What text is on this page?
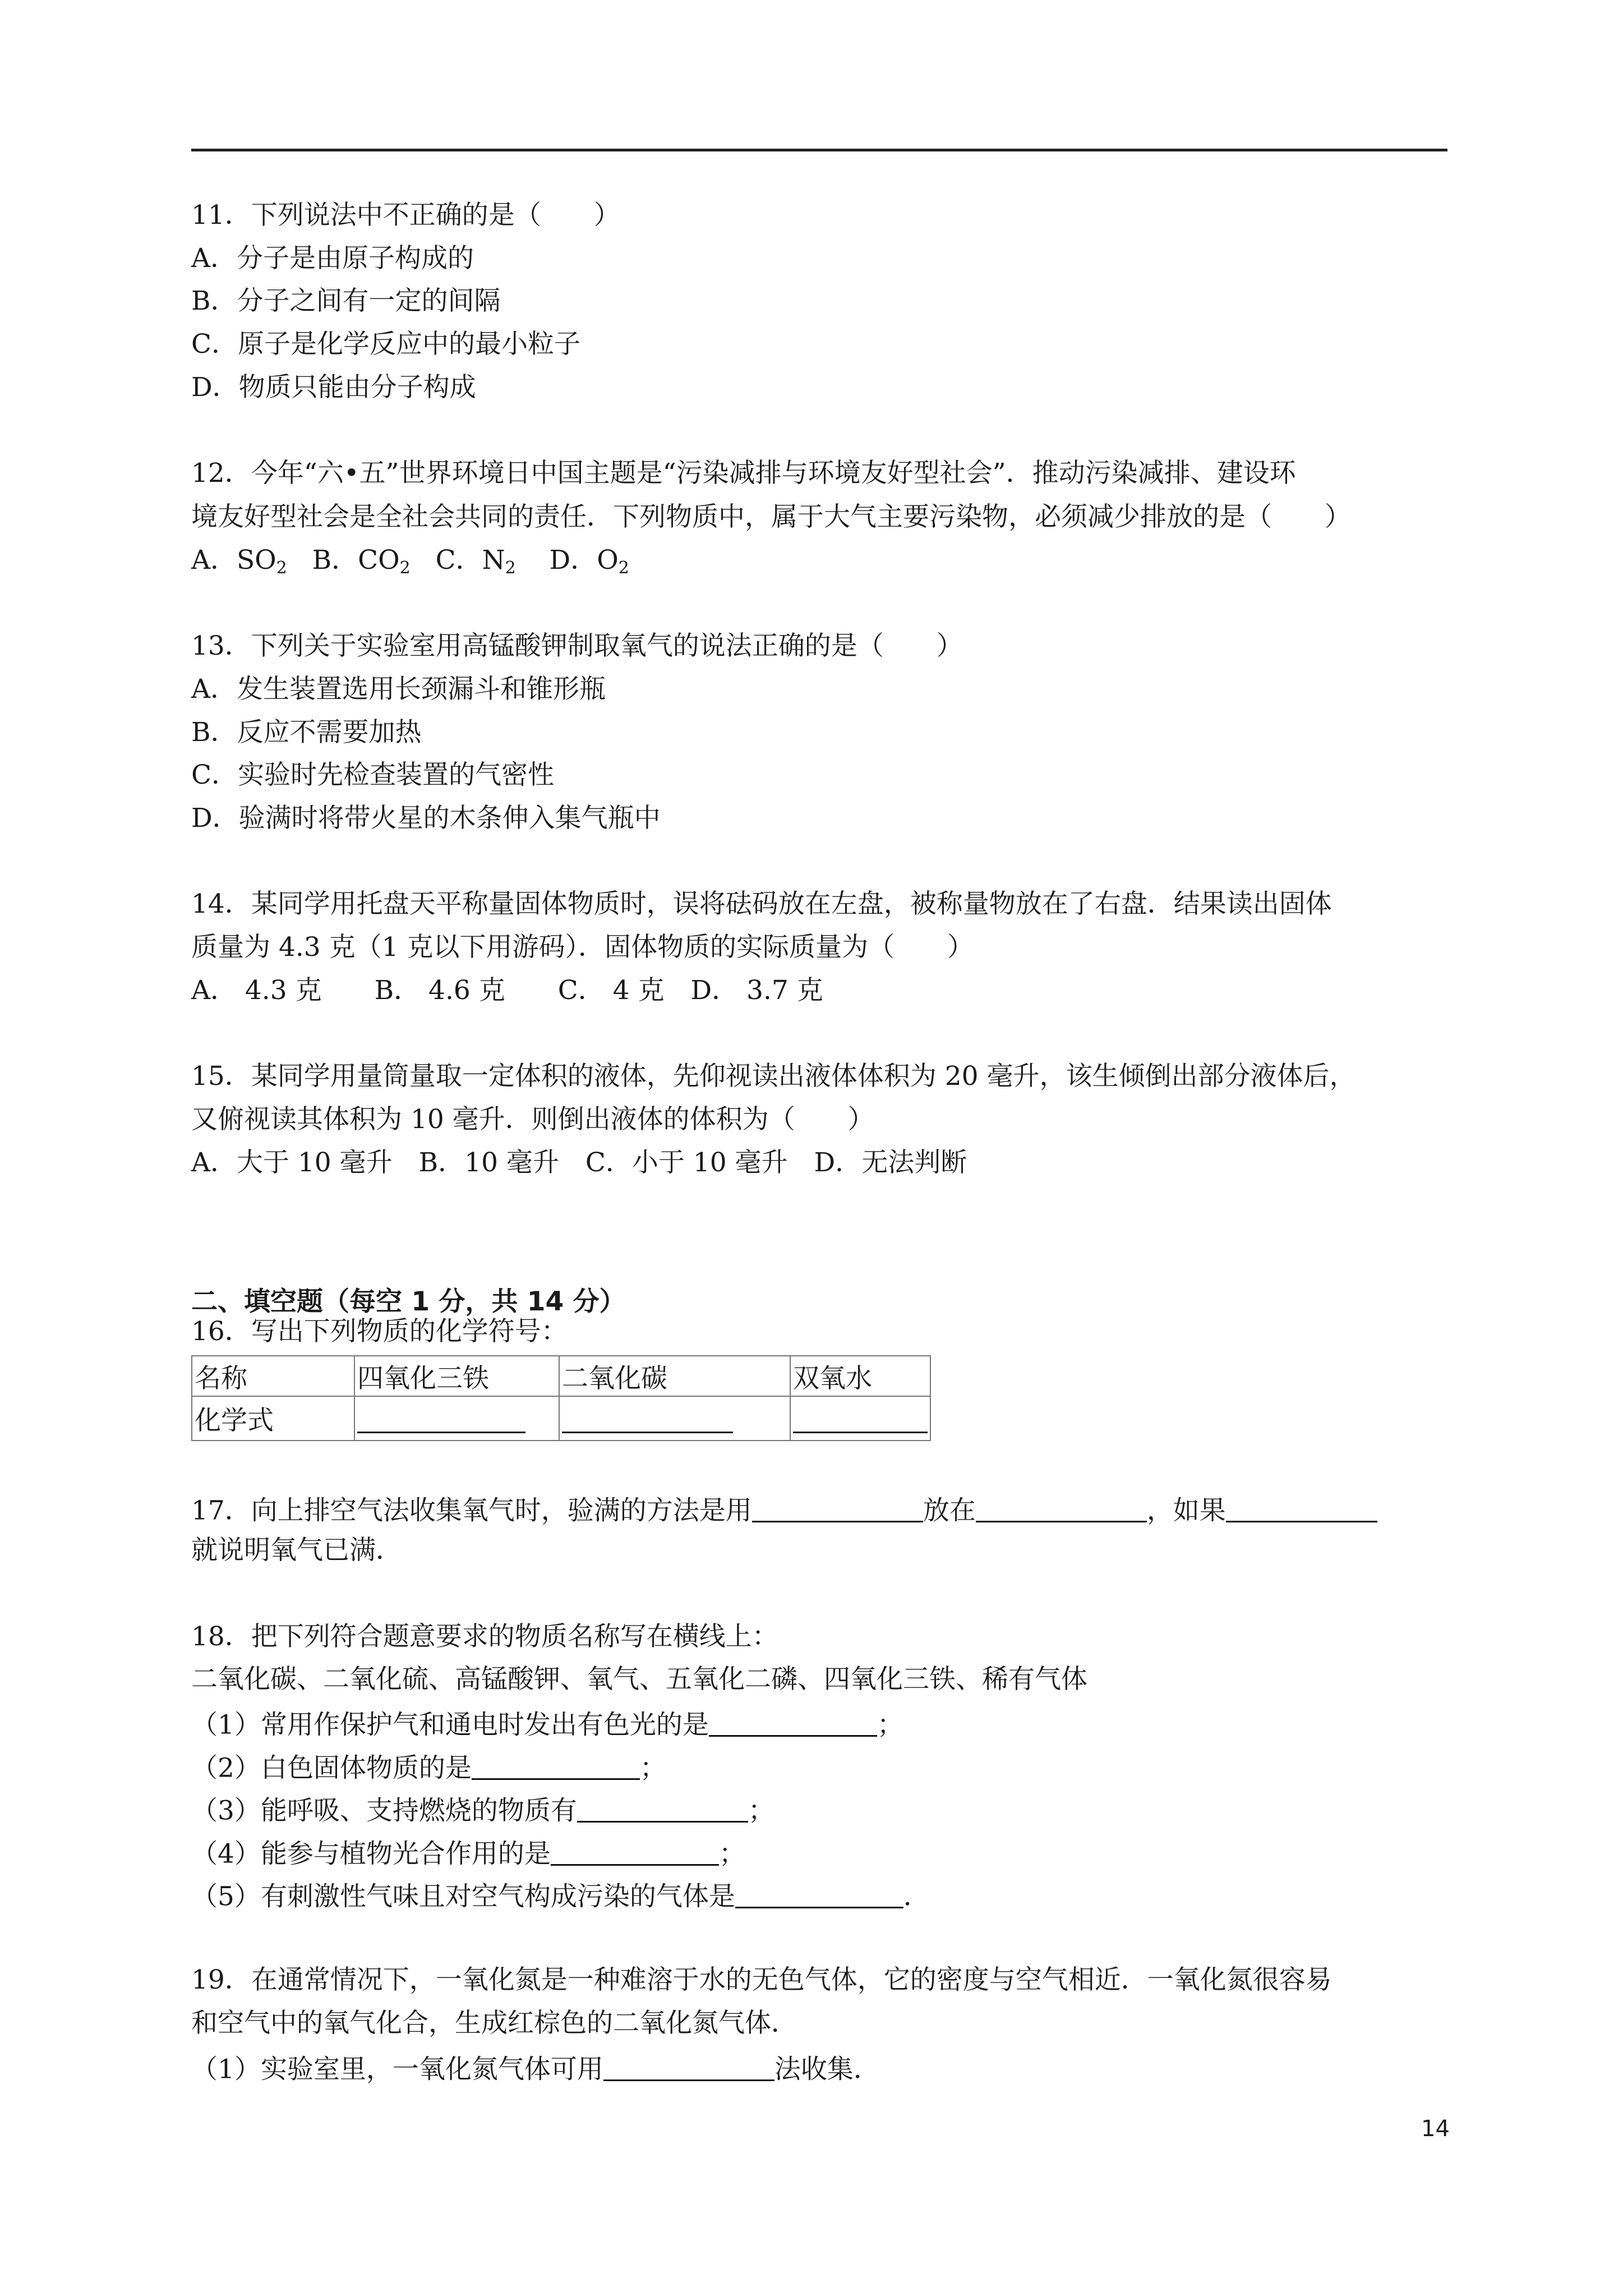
11．下列说法中不正确的是（　　）
A．分子是由原子构成的
B．分子之间有一定的间隔
C．原子是化学反应中的最小粒子
D．物质只能由分子构成
12．今年“六•五”世界环境日中国主题是“污染减排与环境友好型社会”．推动污染减排、建设环
境友好型社会是全社会共同的责任．下列物质中，属于大气主要污染物，必须减少排放的是（　　）
A．$SO_2$ B．$CO_2$ C．$N_2$ D．$O_2$
13．下列关于实验室用高锰酸钾制取氧气的说法正确的是（　　）
A．发生装置选用长颈漏斗和锥形瓶
B．反应不需要加热
C．实验时先检查装置的气密性
D．验满时将带火星的木条伸入集气瓶中
14．某同学用托盘天平称量固体物质时，误将砝码放在左盘，被称量物放在了右盘．结果读出固体
质量为 4.3 克（1 克以下用游码）．固体物质的实际质量为（　　）
A． 4.3 克　　B． 4.6 克　　C． 4 克　D． 3.7 克
15．某同学用量筒量取一定体积的液体，先仰视读出液体体积为 20 毫升，该生倾倒出部分液体后，
又俯视读其体积为 10 毫升．则倒出液体的体积为（　　）
A．大于 10 毫升　B．10 毫升　C．小于 10 毫升　D．无法判断
二、填空题（每空 1 分，共 14 分）
16．写出下列物质的化学符号：
名称	四氧化三铁	二氧化碳	双氧水
化学式			
17．向上排空气法收集氧气时，验满的方法是用	放在	，如果
就说明氧气已满．
18．把下列符合题意要求的物质名称写在横线上：
二氧化碳、二氧化硫、高锰酸钾、氧气、五氧化二磷、四氧化三铁、稀有气体
（1）常用作保护气和通电时发出有色光的是	；
（2）白色固体物质的是	；
（3）能呼吸、支持燃烧的物质有	；
（4）能参与植物光合作用的是	；
（5）有刺激性气味且对空气构成污染的气体是	．
19．在通常情况下，一氧化氮是一种难溶于水的无色气体，它的密度与空气相近．一氧化氮很容易
和空气中的氧气化合，生成红棕色的二氧化氮气体．
（1）实验室里，一氧化氮气体可用	法收集．
14
